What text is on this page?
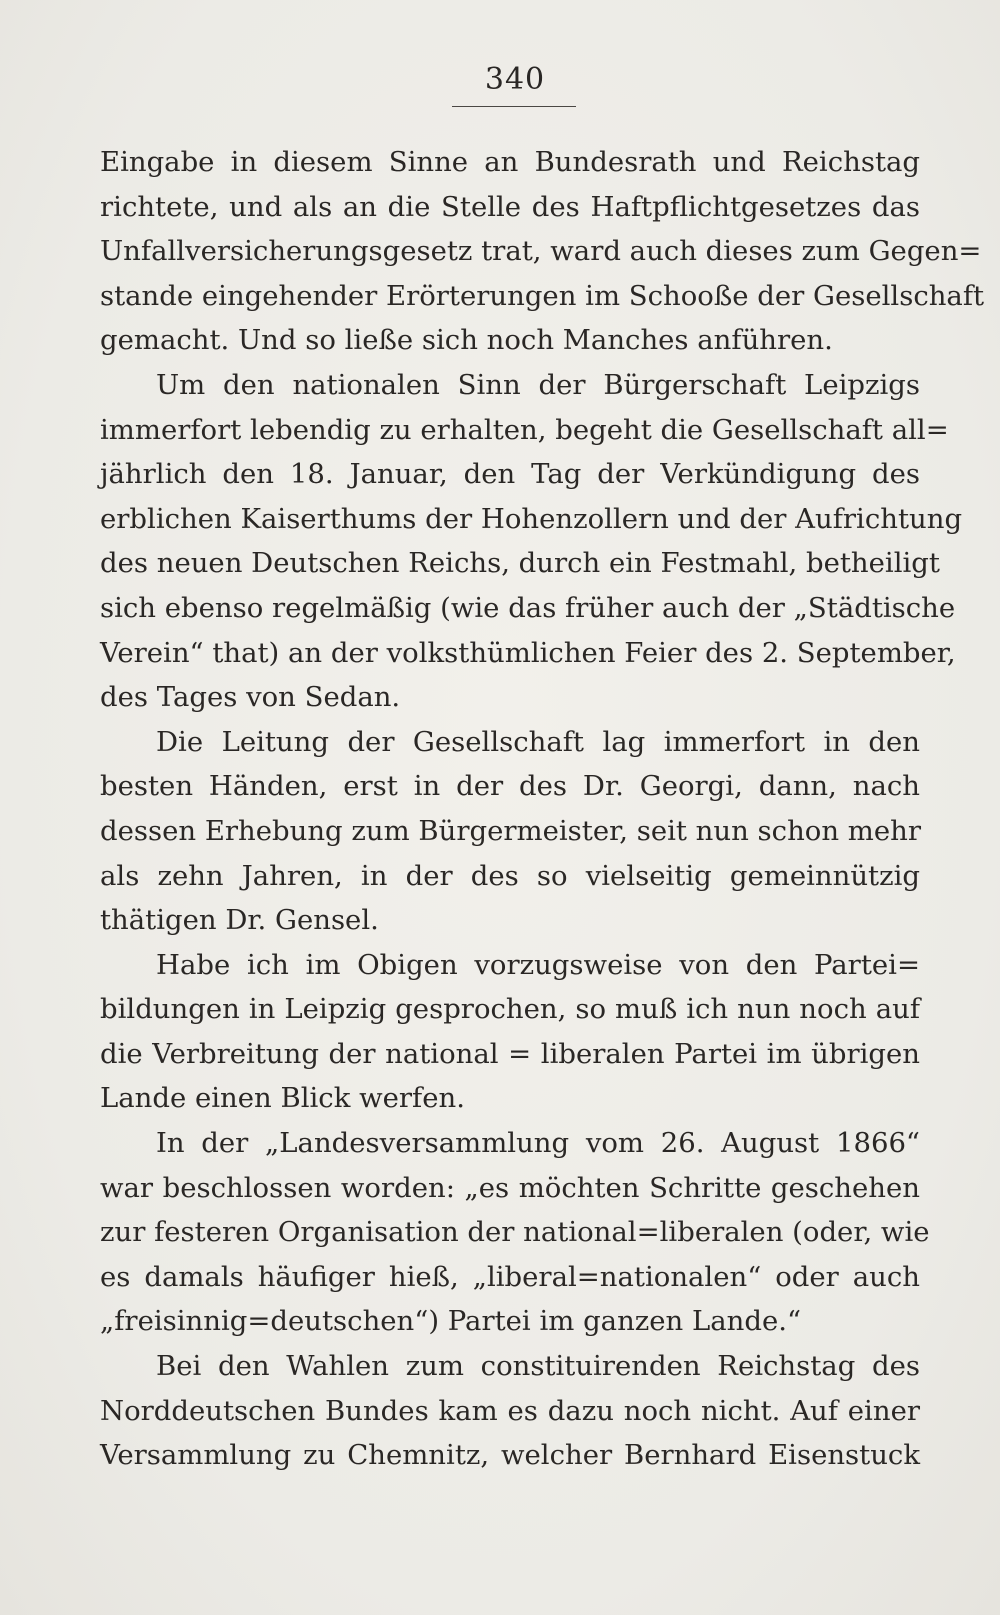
340
Eingabe in diesem Sinne an Bundesrath und Reichstag
richtete, und als an die Stelle des Haftpflichtgesetzes das
Unfallversicherungsgesetz trat, ward auch dieses zum Gegen=
stande eingehender Erörterungen im Schooße der Gesellschaft
gemacht. Und so ließe sich noch Manches anführen.
Um den nationalen Sinn der Bürgerschaft Leipzigs
immerfort lebendig zu erhalten, begeht die Gesellschaft all=
jährlich den 18. Januar, den Tag der Verkündigung des
erblichen Kaiserthums der Hohenzollern und der Aufrichtung
des neuen Deutschen Reichs, durch ein Festmahl, betheiligt
sich ebenso regelmäßig (wie das früher auch der „Städtische
Verein“ that) an der volksthümlichen Feier des 2. September,
des Tages von Sedan.
Die Leitung der Gesellschaft lag immerfort in den
besten Händen, erst in der des Dr. Georgi, dann, nach
dessen Erhebung zum Bürgermeister, seit nun schon mehr
als zehn Jahren, in der des so vielseitig gemeinnützig
thätigen Dr. Gensel.
Habe ich im Obigen vorzugsweise von den Partei=
bildungen in Leipzig gesprochen, so muß ich nun noch auf
die Verbreitung der national = liberalen Partei im übrigen
Lande einen Blick werfen.
In der „Landesversammlung vom 26. August 1866“
war beschlossen worden: „es möchten Schritte geschehen
zur festeren Organisation der national=liberalen (oder, wie
es damals häufiger hieß, „liberal=nationalen“ oder auch
„freisinnig=deutschen“) Partei im ganzen Lande.“
Bei den Wahlen zum constituirenden Reichstag des
Norddeutschen Bundes kam es dazu noch nicht. Auf einer
Versammlung zu Chemnitz, welcher Bernhard Eisenstuck
